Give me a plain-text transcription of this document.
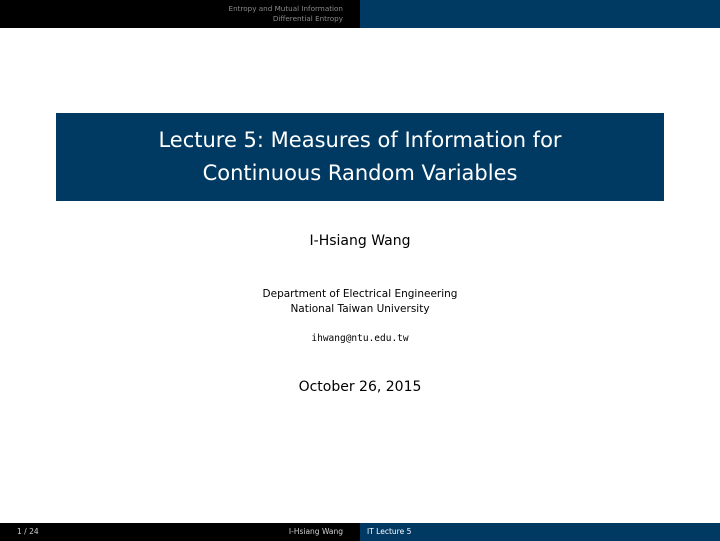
Entropy and Mutual Information
Differential Entropy
Lecture 5: Measures of Information for Continuous Random Variables
I-Hsiang Wang
Department of Electrical Engineering
National Taiwan University
ihwang@ntu.edu.tw
October 26, 2015
1 / 24	I-Hsiang Wang	IT Lecture 5
